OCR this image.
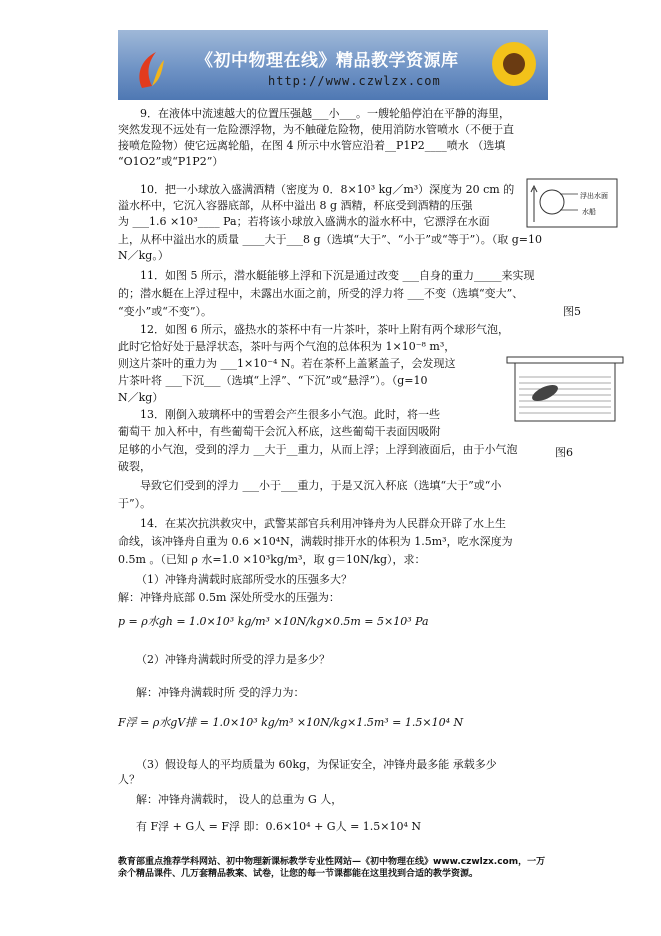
《初中物理在线》精品教学资源库
http://www.czwlzx.com
9．在液体中流速越大的位置压强越___小___。一艘轮船停泊在平静的海里，
突然发现不远处有一危险漂浮物，为不触碰危险物，使用消防水管喷水（不便于直
接喷危险物）使它远离轮船，在图 4 所示中水管应沿着__P1P2____喷水 （选填
“O1O2”或“P1P2”）
10．把一小球放入盛满酒精（密度为 0．8×10³ kg／m³）深度为 20 cm 的
溢水杯中，它沉入容器底部，从杯中溢出 8 g 酒精，杯底受到酒精的压强
为 ___1.6 ×10³____ Pa；若将该小球放入盛满水的溢水杯中，它漂浮在水面
上，从杯中溢出水的质量 ____大于___8 g（选填“大于”、“小于”或“等于”）。（取 g=10
N／kg。）
11．如图 5 所示，潜水艇能够上浮和下沉是通过改变 ___自身的重力_____来实现
的；潜水艇在上浮过程中，未露出水面之前，所受的浮力将 ___不变（选填“变大”、
“变小”或“不变”）。	图5
12．如图 6 所示，盛热水的茶杯中有一片茶叶，茶叶上附有两个球形气泡，
此时它恰好处于悬浮状态，茶叶与两个气泡的总体积为 1×10⁻⁸ m³，
则这片茶叶的重力为 ___1×10⁻⁴ N。若在茶杯上盖紧盖子，会发现这
片茶叶将 ___下沉___（选填“上浮”、“下沉”或“悬浮”）。（g=10
N／kg）
13．刚倒入玻璃杯中的雪碧会产生很多小气泡。此时，将一些
葡萄干 加入杯中，有些葡萄干会沉入杯底，这些葡萄干表面因吸附
足够的小气泡，受到的浮力 __大于__重力，从而上浮；上浮到液面后，由于小气泡	图6
破裂，
导致它们受到的浮力 ___小于___重力，于是又沉入杯底（选填“大于”或“小
于”）。
14．在某次抗洪救灾中，武警某部官兵利用冲锋舟为人民群众开辟了水上生
命线，该冲锋舟自重为 0.6 ×10⁴N，满载时排开水的体积为 1.5m³，吃水深度为
0.5m 。（已知 ρ 水=1.0 ×10³kg/m³，取 g＝10N/kg），求：
（1）冲锋舟满载时底部所受水的压强多大？
解：冲锋舟底部 0.5m 深处所受水的压强为：
p = ρ水gh = 1.0×10³ kg/m³ ×10N/kg×0.5m = 5×10³ Pa
（2）冲锋舟满载时所受的浮力是多少？
解：冲锋舟满载时所 受的浮力为：
F浮 = ρ水gV排 = 1.0×10³ kg/m³ ×10N/kg×1.5m³ = 1.5×10⁴ N
（3）假设每人的平均质量为 60kg，为保证安全，冲锋舟最多能 承载多少
人？
解：冲锋舟满载时， 设人的总重为 G 人，
有 F浮 + G人 = F浮 即：0.6×10⁴ + G人 = 1.5×10⁴ N
浮出水面
水船
教育部重点推荐学科网站、初中物理新课标教学专业性网站—《初中物理在线》www.czwlzx.com，一万余个精品课件、几万套精品教案、试卷，让您的每一节课都能在这里找到合适的教学资源。
